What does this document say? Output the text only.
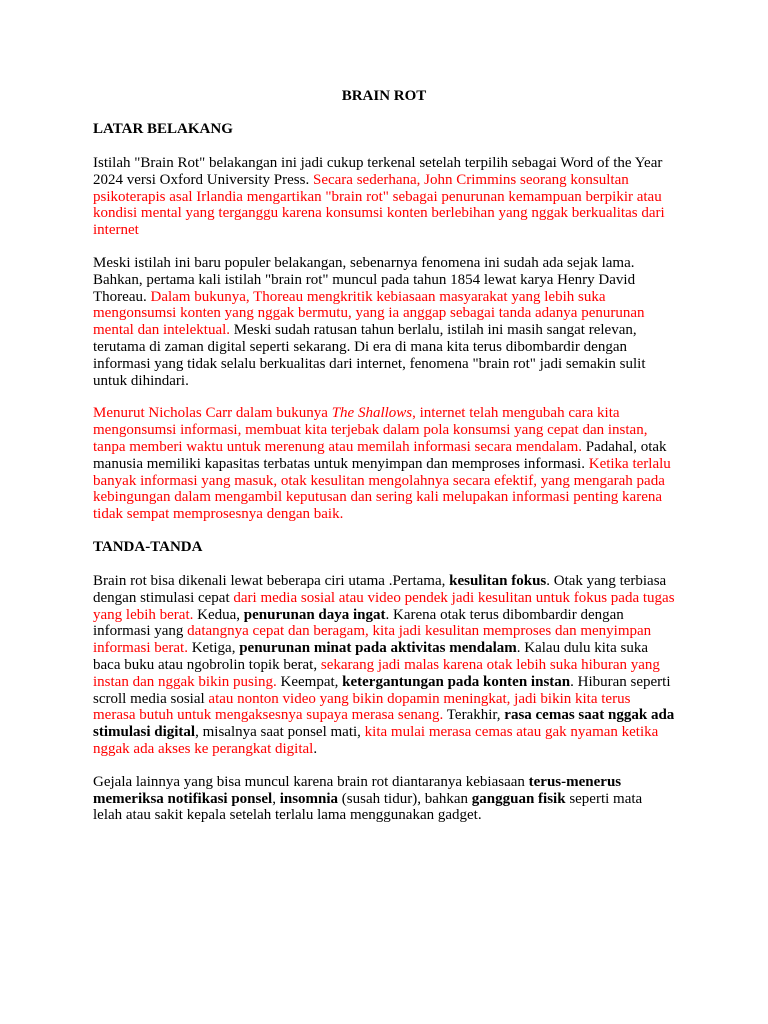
BRAIN ROT
LATAR BELAKANG

Istilah "Brain Rot" belakangan ini jadi cukup terkenal setelah terpilih sebagai Word of the Year 2024 versi Oxford University Press. Secara sederhana, John Crimmins seorang konsultan psikoterapis asal Irlandia mengartikan "brain rot" sebagai penurunan kemampuan berpikir atau kondisi mental yang terganggu karena konsumsi konten berlebihan yang nggak berkualitas dari internet

Meski istilah ini baru populer belakangan, sebenarnya fenomena ini sudah ada sejak lama. Bahkan, pertama kali istilah "brain rot" muncul pada tahun 1854 lewat karya Henry David Thoreau. Dalam bukunya, Thoreau mengkritik kebiasaan masyarakat yang lebih suka mengonsumsi konten yang nggak bermutu, yang ia anggap sebagai tanda adanya penurunan mental dan intelektual. Meski sudah ratusan tahun berlalu, istilah ini masih sangat relevan, terutama di zaman digital seperti sekarang. Di era di mana kita terus dibombardir dengan informasi yang tidak selalu berkualitas dari internet, fenomena "brain rot" jadi semakin sulit untuk dihindari.

Menurut Nicholas Carr dalam bukunya The Shallows, internet telah mengubah cara kita mengonsumsi informasi, membuat kita terjebak dalam pola konsumsi yang cepat dan instan, tanpa memberi waktu untuk merenung atau memilah informasi secara mendalam. Padahal, otak manusia memiliki kapasitas terbatas untuk menyimpan dan memproses informasi. Ketika terlalu banyak informasi yang masuk, otak kesulitan mengolahnya secara efektif, yang mengarah pada kebingungan dalam mengambil keputusan dan sering kali melupakan informasi penting karena tidak sempat memprosesnya dengan baik.

TANDA-TANDA

Brain rot bisa dikenali lewat beberapa ciri utama .Pertama, kesulitan fokus. Otak yang terbiasa dengan stimulasi cepat dari media sosial atau video pendek jadi kesulitan untuk fokus pada tugas yang lebih berat. Kedua, penurunan daya ingat. Karena otak terus dibombardir dengan informasi yang datangnya cepat dan beragam, kita jadi kesulitan memproses dan menyimpan informasi berat. Ketiga, penurunan minat pada aktivitas mendalam. Kalau dulu kita suka baca buku atau ngobrolin topik berat, sekarang jadi malas karena otak lebih suka hiburan yang instan dan nggak bikin pusing. Keempat, ketergantungan pada konten instan. Hiburan seperti scroll media sosial atau nonton video yang bikin dopamin meningkat, jadi bikin kita terus merasa butuh untuk mengaksesnya supaya merasa senang. Terakhir, rasa cemas saat nggak ada stimulasi digital, misalnya saat ponsel mati, kita mulai merasa cemas atau gak nyaman ketika nggak ada akses ke perangkat digital.

Gejala lainnya yang bisa muncul karena brain rot diantaranya kebiasaan terus-menerus memeriksa notifikasi ponsel, insomnia (susah tidur), bahkan gangguan fisik seperti mata lelah atau sakit kepala setelah terlalu lama menggunakan gadget.
